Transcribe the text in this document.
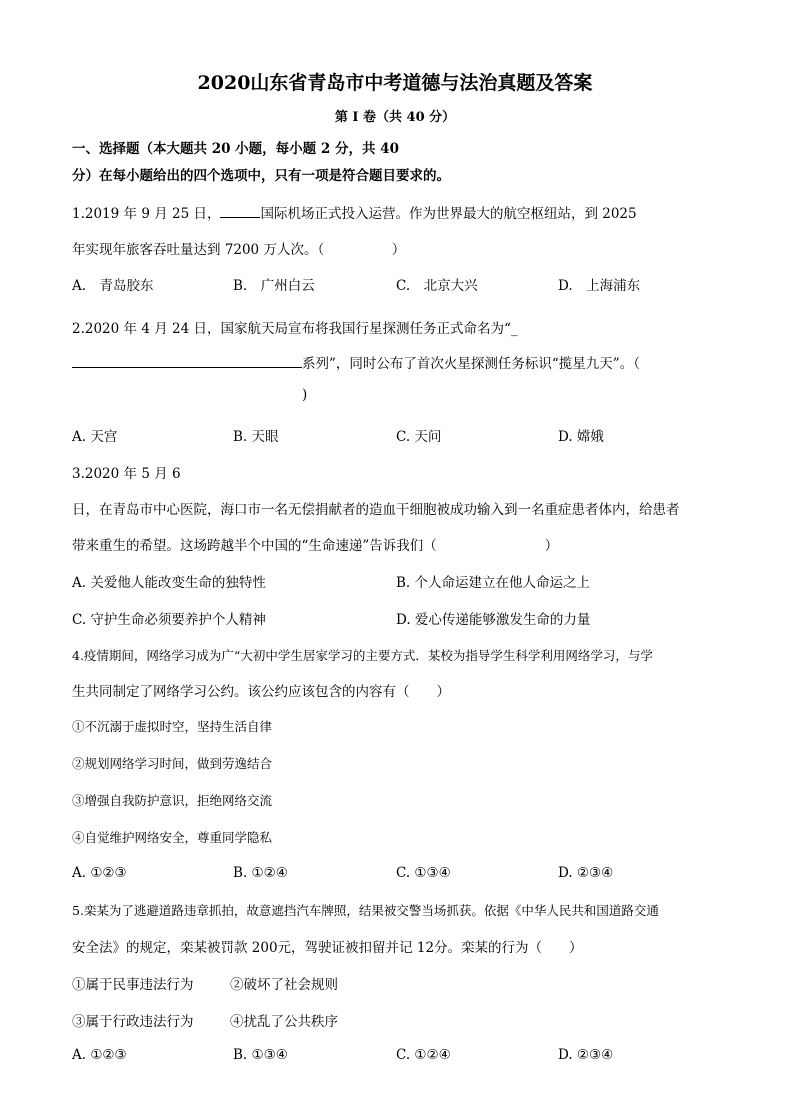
2020山东省青岛市中考道德与法治真题及答案
第 I 卷（共 40 分）
一、选择题（本大题共 20 小题，每小题 2 分，共 40
分）在每小题给出的四个选项中，只有一项是符合题目要求的。
1.2019 年 9 月 25 日，	国际机场正式投入运营。作为世界最大的航空枢纽站，到 2025
年实现年旅客吞吐量达到 7200 万人次。（　　　　　）
A.　青岛胶东	B.　广州白云	C.　北京大兴	D.　上海浦东
2.2020 年 4 月 24 日，国家航天局宣布将我国行星探测任务正式命名为“_
系列”，同时公布了首次火星探测任务标识“揽星九天”。（
)
A. 天宫	B. 天眼	C. 天问	D. 嫦娥
3.2020 年 5 月 6
日，在青岛市中心医院，海口市一名无偿捐献者的造血干细胞被成功输入到一名重症患者体内，给患者
带来重生的希望。这场跨越半个中国的“生命速递”告诉我们（　　　　　　　　）
A. 关爱他人能改变生命的独特性	B. 个人命运建立在他人命运之上
C. 守护生命必须要养护个人精神	D. 爱心传递能够激发生命的力量
4.疫情期间，网络学习成为广“大初中学生居家学习的主要方式．某校为指导学生科学利用网络学习，与学
生共同制定了网络学习公约。该公约应该包含的内容有（　　）
①不沉溺于虚拟时空，坚持生活自律
②规划网络学习时间，做到劳逸结合
③增强自我防护意识，拒绝网络交流
④自觉维护网络安全，尊重同学隐私
A. ①②③	B. ①②④	C. ①③④	D. ②③④
5.栾某为了逃避道路违章抓拍，故意遮挡汽车牌照，结果被交警当场抓获。依据《中华人民共和国道路交通
安全法》的规定，栾某被罚款 200元，驾驶证被扣留并记 12分。栾某的行为（　　）
①属于民事违法行为	②破坏了社会规则
③属于行政违法行为	④扰乱了公共秩序
A. ①②③	B. ①③④	C. ①②④	D. ②③④
